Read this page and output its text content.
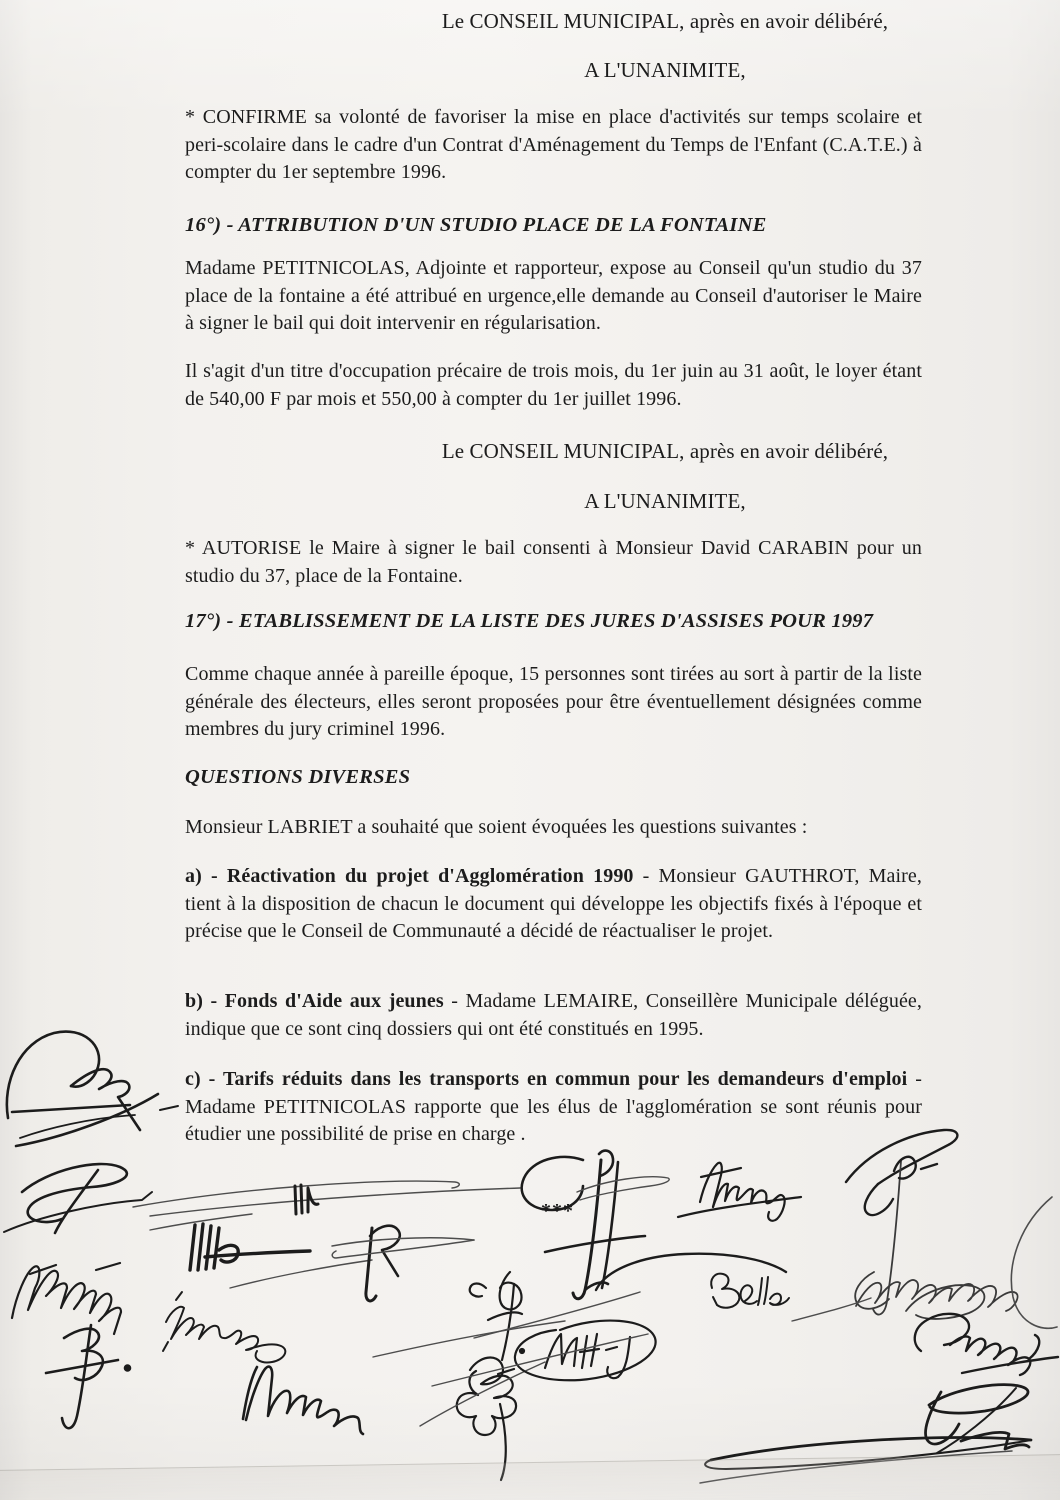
Le CONSEIL MUNICIPAL, après en avoir délibéré,
A L'UNANIMITE,
* CONFIRME sa volonté de favoriser la mise en place d'activités sur temps scolaire et peri-scolaire dans le cadre d'un Contrat d'Aménagement du Temps de l'Enfant (C.A.T.E.) à compter du 1er septembre 1996.
16°) - ATTRIBUTION D'UN STUDIO PLACE DE LA FONTAINE
Madame PETITNICOLAS, Adjointe et rapporteur, expose au Conseil qu'un studio du 37 place de la fontaine a été attribué en urgence,elle demande au Conseil d'autoriser le Maire à signer le bail qui doit intervenir en régularisation.
Il s'agit d'un titre d'occupation précaire de trois mois, du 1er juin au 31 août, le loyer étant de 540,00 F par mois et 550,00 à compter du 1er juillet 1996.
Le CONSEIL MUNICIPAL, après en avoir délibéré,
A L'UNANIMITE,
* AUTORISE le Maire à signer le bail consenti à Monsieur David CARABIN pour un studio du 37, place de la Fontaine.
17°) - ETABLISSEMENT DE LA LISTE DES JURES D'ASSISES POUR 1997
Comme chaque année à pareille époque, 15 personnes sont tirées au sort à partir de la liste générale des électeurs, elles seront proposées pour être éventuellement désignées comme membres du jury criminel 1996.
QUESTIONS DIVERSES
Monsieur LABRIET a souhaité que soient évoquées les questions suivantes :
a) - Réactivation du projet d'Agglomération 1990 - Monsieur GAUTHROT, Maire, tient à la disposition de chacun le document qui développe les objectifs fixés à l'époque et précise que le Conseil de Communauté a décidé de réactualiser le projet.
b) - Fonds d'Aide aux jeunes - Madame LEMAIRE, Conseillère Municipale déléguée, indique que ce sont cinq dossiers qui ont été constitués en 1995.
c) - Tarifs réduits dans les transports en commun pour les demandeurs d'emploi - Madame PETITNICOLAS rapporte que les élus de l'agglomération se sont réunis pour étudier une possibilité de prise en charge .
***
